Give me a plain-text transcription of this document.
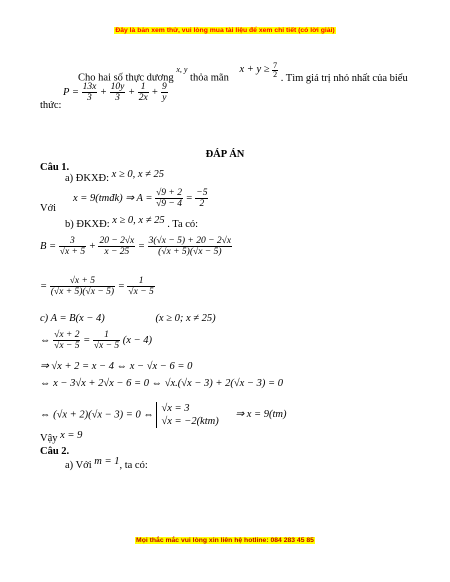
Đây là bản xem thử, vui lòng mua tài liệu để xem chi tiết (có lời giải)
Cho hai số thực dương $^{x, y}$ thỏa mãn $x + y \ge \frac{7}{2}$ . Tìm giá trị nhỏ nhất của biểu
$P = \frac{13x}{3} + \frac{10y}{3} + \frac{1}{2x} + \frac{9}{y}$
thức:
ĐÁP ÁN
Câu 1.
a) ĐKXĐ: x ≥ 0, x ≠ 25
Với
x = 9(tmđk) ⇒ $A = \frac{√9 + 2}{√9 - 4} = \frac{-5}{2}$
b) ĐKXĐ: x ≥ 0, x ≠ 25 . Ta có:
$B = \frac{3}{√x + 5} + \frac{20 - 2√x}{x - 25} = \frac{3(√x - 5) + 20 - 2√x}{(√x + 5)(√x - 5)}$
= $\frac{√x + 5}{(√x + 5)(√x - 5)} = \frac{1}{√x - 5}$
c) A = B(x − 4)	(x ≥ 0; x ≠ 25)
⇔ $\frac{√x + 2}{√x - 5} = \frac{1}{√x - 5} (x - 4)$
⇒ √x + 2 = x − 4 ⇔ x − √x − 6 = 0
⇔ x − 3√x + 2√x − 6 = 0 ⇔ √x.(√x − 3) + 2(√x − 3) = 0
⇔ (√x + 2)(√x − 3) = 0 ⇔
√x = 3
√x = −2(ktm)
⇒ x = 9(tm)
Vậy x = 9
Câu 2.
a) Với m = 1, ta có:
Mọi thắc mắc vui lòng xin liên hệ hotline: 084 283 45 85
